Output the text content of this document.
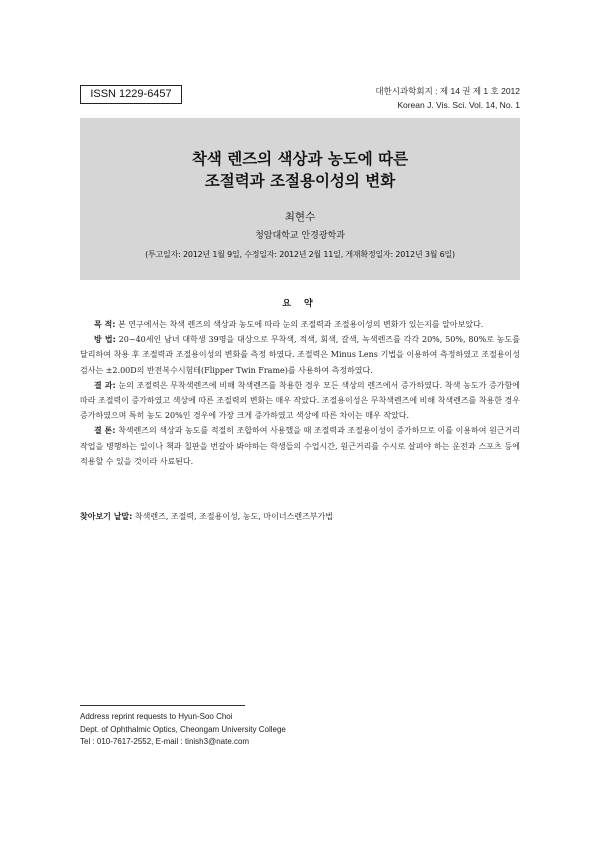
ISSN 1229-6457	대한시과학회지 : 제 14 권 제 1 호 2012
Korean J. Vis. Sci. Vol. 14, No. 1
착색 렌즈의 색상과 농도에 따른
조절력과 조절용이성의 변화
최현수
청암대학교 안경광학과
(투고일자: 2012년 1월 9일, 수정일자: 2012년 2월 11일, 게재확정일자: 2012년 3월 6일)
요 약

목 적: 본 연구에서는 착색 렌즈의 색상과 농도에 따라 눈의 조절력과 조절용이성의 변화가 있는지를 알아보았다.

방 법: 20~40세인 남녀 대학생 39명을 대상으로 무착색, 적색, 회색, 갈색, 녹색렌즈를 각각 20%, 50%, 80%로 농도를 달리하여 착용 후 조절력과 조절용이성의 변화를 측정 하였다. 조절력은 Minus Lens 기법을 이용하여 측정하였고 조절용이성검사는 ±2.00D의 반전복수시험테(Flipper Twin Frame)를 사용하여 측정하였다.

결 과: 눈의 조절력은 무착색렌즈에 비해 착색렌즈를 착용한 경우 모든 색상의 렌즈에서 증가하였다. 착색 농도가 증가함에 따라 조절력이 증가하였고 색상에 따른 조절력의 변화는 매우 작았다. 조절용이성은 무착색렌즈에 비해 착색렌즈를 착용한 경우 증가하였으며 특히 농도 20%인 경우에 가장 크게 증가하였고 색상에 따른 차이는 매우 작았다.

결 론: 착색렌즈의 색상과 농도를 적절히 조합하여 사용했을 때 조절력과 조절용이성이 증가하므로 이를 이용하여 원근거리 작업을 병행하는 일이나 책과 칠판을 번갈아 봐야하는 학생들의 수업시간, 원근거리를 수시로 살펴야 하는 운전과 스포츠 등에 적용할 수 있을 것이라 사료된다.

찾아보기 낱말: 착색렌즈, 조절력, 조절용이성, 농도, 마이너스렌즈부가법
Address reprint requests to Hyun-Soo Choi
Dept. of Ophthalmic Optics, Cheongam University College
Tel : 010-7617-2552, E-mail : tinish3@nate.com
